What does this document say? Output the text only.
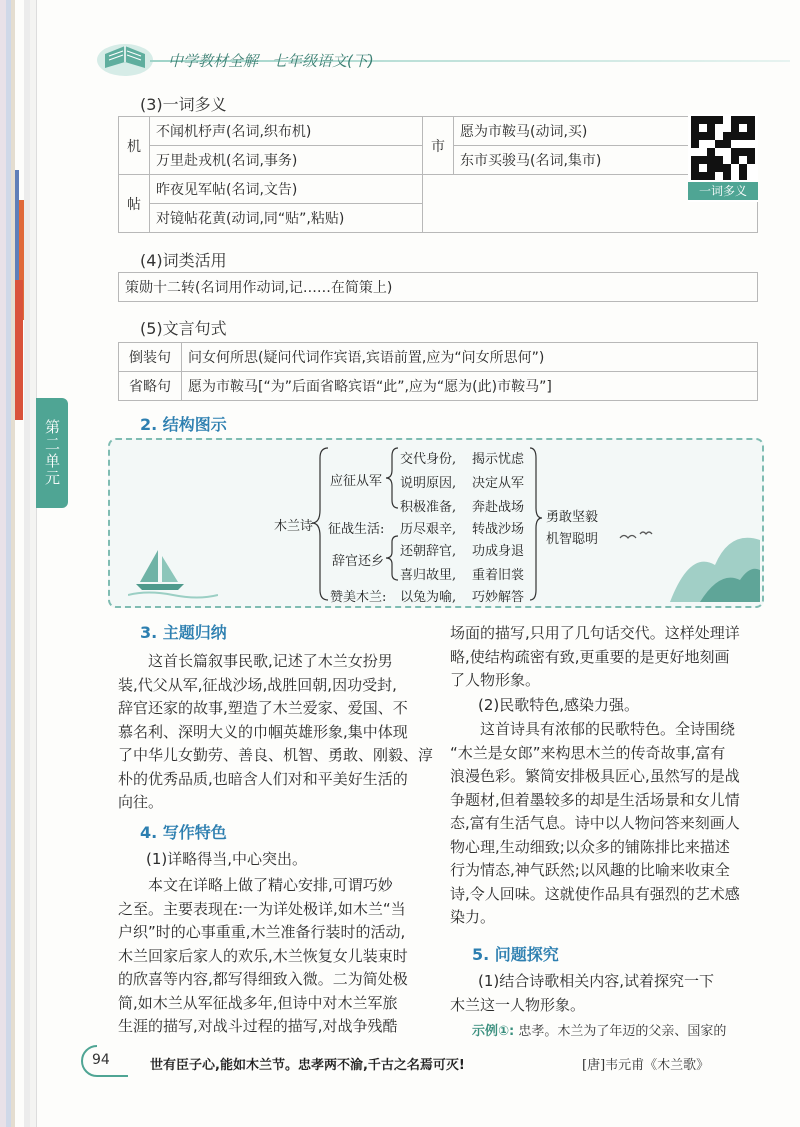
中学教材全解 七年级语文(下)
(3)一词多义
机	不闻机杼声(名词,织布机)	市	愿为市鞍马(动词,买)
	万里赴戎机(名词,事务)		东市买骏马(名词,集市)
帖	昨夜见军帖(名词,文告)		
	对镜帖花黄(动词,同“贴”,粘贴)		
一词多义
(4)词类活用
策勋十二转(名词用作动词,记……在简策上)
(5)文言句式
倒装句	问女何所思(疑问代词作宾语,宾语前置,应为“问女所思何”)
省略句	愿为市鞍马[“为”后面省略宾语“此”,应为“愿为(此)市鞍马”]
第二单元	2. 结构图示
木兰诗
应征从军
交代身份, 揭示忧虑
说明原因, 决定从军
积极准备, 奔赴战场
征战生活: 历尽艰辛, 转战沙场
辞官还乡
还朝辞官, 功成身退
喜归故里, 重着旧裳
赞美木兰: 以兔为喻, 巧妙解答
勇敢坚毅
机智聪明
3. 主题归纳
这首长篇叙事民歌,记述了木兰女扮男
装,代父从军,征战沙场,战胜回朝,因功受封,
辞官还家的故事,塑造了木兰爱家、爱国、不
慕名利、深明大义的巾帼英雄形象,集中体现
了中华儿女勤劳、善良、机智、勇敢、刚毅、淳
朴的优秀品质,也暗含人们对和平美好生活的
向往。
4. 写作特色
(1)详略得当,中心突出。
本文在详略上做了精心安排,可谓巧妙
之至。主要表现在:一为详处极详,如木兰“当
户织”时的心事重重,木兰准备行装时的活动,
木兰回家后家人的欢乐,木兰恢复女儿装束时
的欣喜等内容,都写得细致入微。二为简处极
简,如木兰从军征战多年,但诗中对木兰军旅
生涯的描写,对战斗过程的描写,对战争残酷
场面的描写,只用了几句话交代。这样处理详
略,使结构疏密有致,更重要的是更好地刻画
了人物形象。
(2)民歌特色,感染力强。
这首诗具有浓郁的民歌特色。全诗围绕
“木兰是女郎”来构思木兰的传奇故事,富有
浪漫色彩。繁简安排极具匠心,虽然写的是战
争题材,但着墨较多的却是生活场景和女儿情
态,富有生活气息。诗中以人物问答来刻画人
物心理,生动细致;以众多的铺陈排比来描述
行为情态,神气跃然;以风趣的比喻来收束全
诗,令人回味。这就使作品具有强烈的艺术感
染力。
5. 问题探究
(1)结合诗歌相关内容,试着探究一下
木兰这一人物形象。
示例①: 忠孝。木兰为了年迈的父亲、国家的
94	世有臣子心,能如木兰节。忠孝两不渝,千古之名焉可灭!	[唐]韦元甫《木兰歌》
